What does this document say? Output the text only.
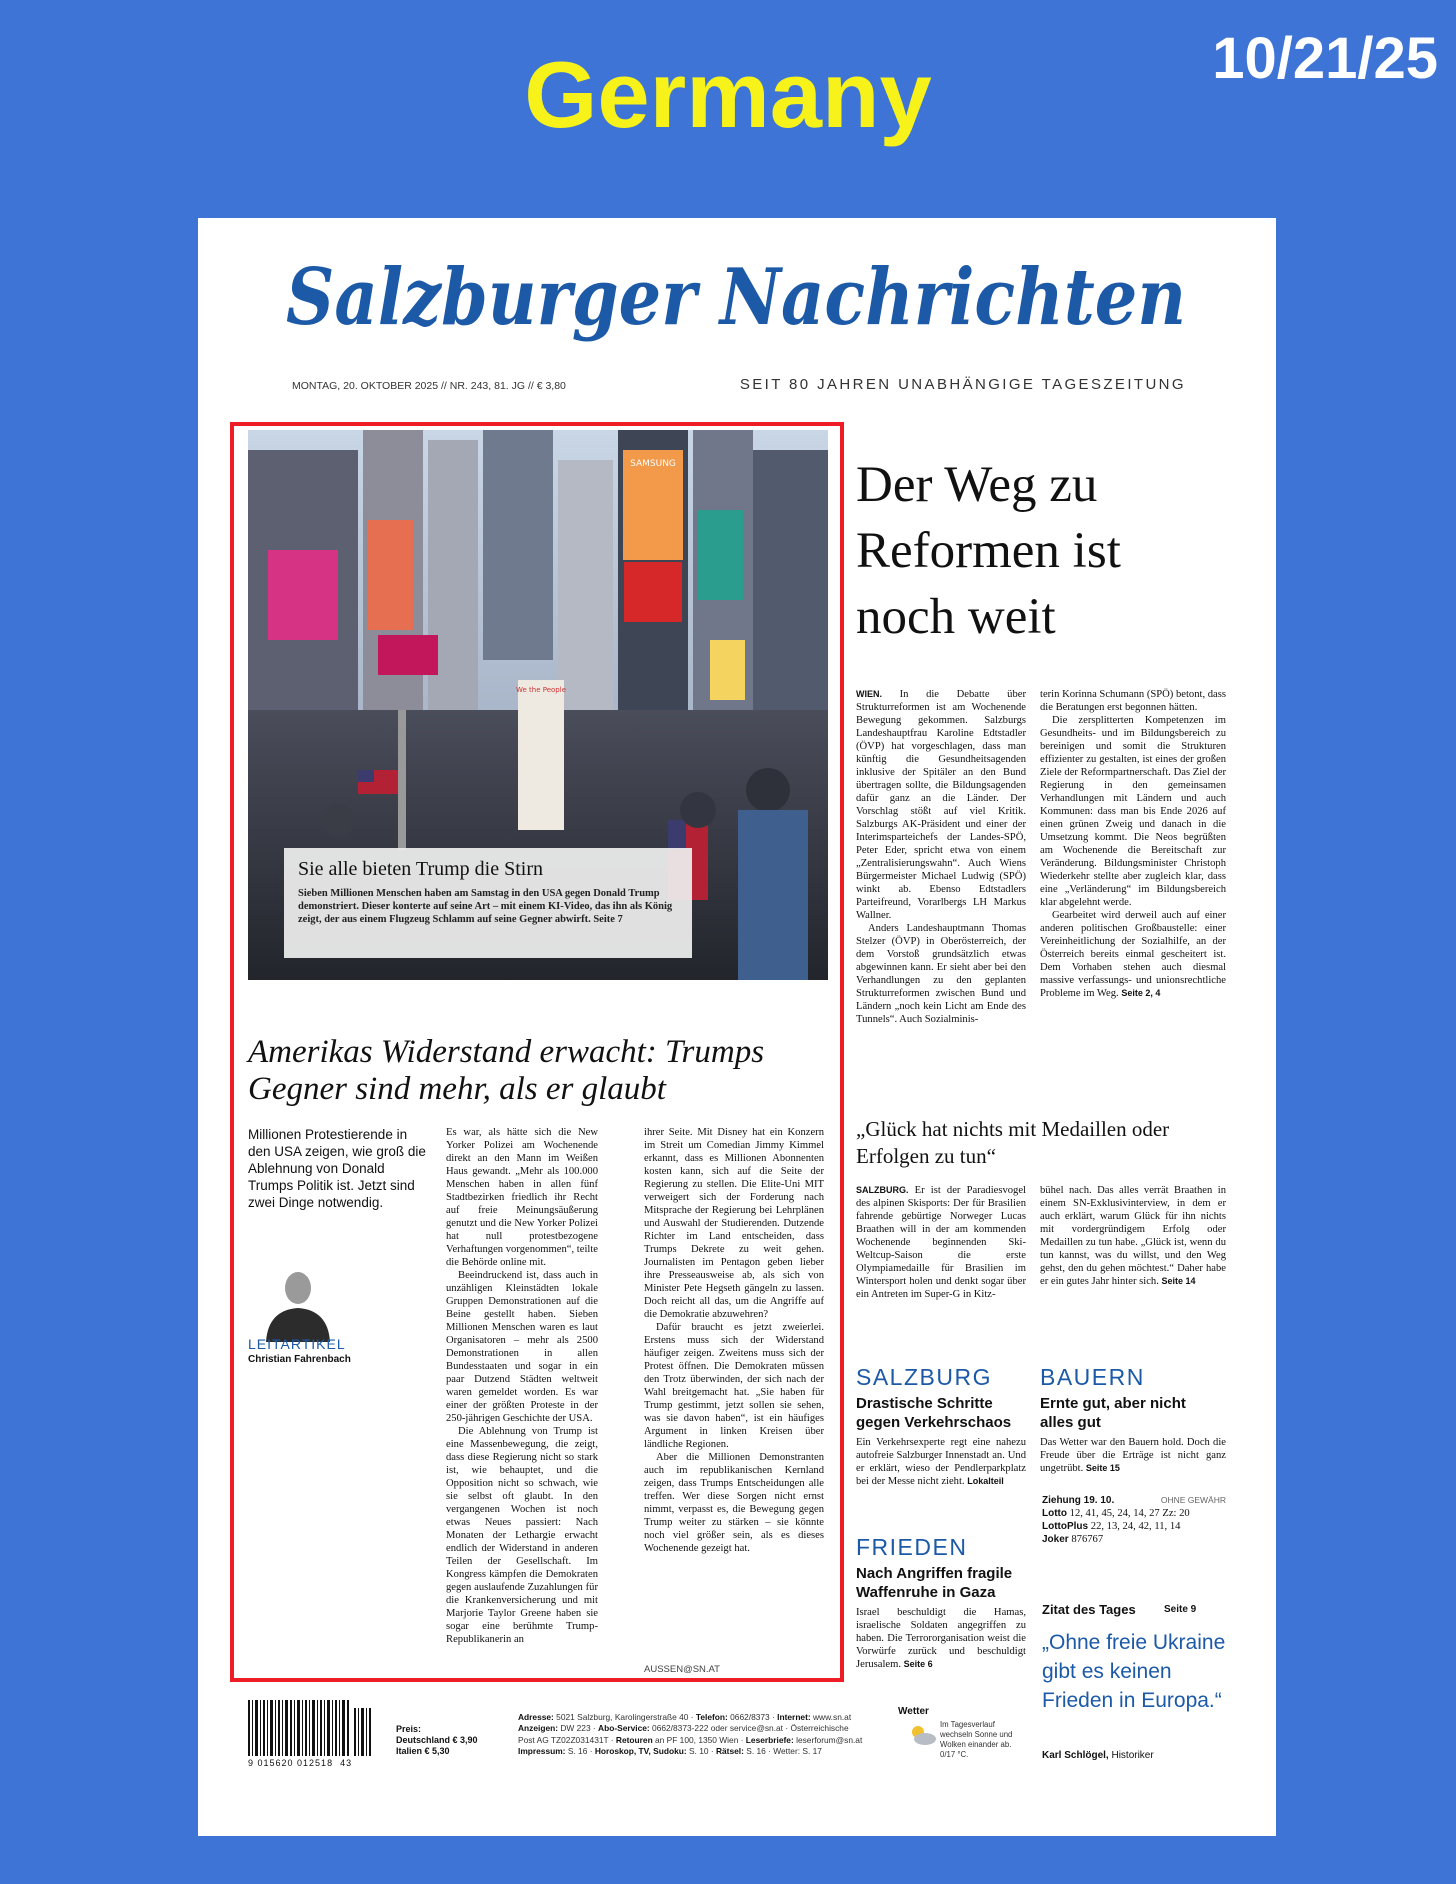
Germany	10/21/25
Salzburger Nachrichten
MONTAG, 20. OKTOBER 2025 // NR. 243, 81. JG // € 3,80	SEIT 80 JAHREN UNABHÄNGIGE TAGESZEITUNG
SAMSUNG
We the People
Sie alle bieten Trump die Stirn
Sieben Millionen Menschen haben am Samstag in den USA gegen Donald Trump demonstriert. Dieser konterte auf seine Art – mit einem KI-Video, das ihn als König zeigt, der aus einem Flugzeug Schlamm auf seine Gegner abwirft. Seite 7
Amerikas Widerstand erwacht: Trumps Gegner sind mehr, als er glaubt
Millionen Protestierende in den USA zeigen, wie groß die Ablehnung von Donald Trumps Politik ist. Jetzt sind zwei Dinge notwendig.
LEITARTIKEL
Christian Fahrenbach

Es war, als hätte sich die New Yorker Polizei am Wochenende direkt an den Mann im Weißen Haus gewandt. „Mehr als 100.000 Menschen haben in allen fünf Stadtbezirken friedlich ihr Recht auf freie Meinungsäußerung genutzt und die New Yorker Polizei hat null protestbezogene Verhaftungen vorgenommen“, teilte die Behörde online mit.

Beeindruckend ist, dass auch in unzähligen Kleinstädten lokale Gruppen Demonstrationen auf die Beine gestellt haben. Sieben Millionen Menschen waren es laut Organisatoren – mehr als 2500 Demonstrationen in allen Bundesstaaten und sogar in ein paar Dutzend Städten weltweit waren gemeldet worden. Es war einer der größten Proteste in der 250-jährigen Geschichte der USA.

Die Ablehnung von Trump ist eine Massenbewegung, die zeigt, dass diese Regierung nicht so stark ist, wie behauptet, und die Opposition nicht so schwach, wie sie selbst oft glaubt. In den vergangenen Wochen ist noch etwas Neues passiert: Nach Monaten der Lethargie erwacht endlich der Widerstand in anderen Teilen der Gesellschaft. Im Kongress kämpfen die Demokraten gegen auslaufende Zuzahlungen für die Krankenversicherung und mit Marjorie Taylor Greene haben sie sogar eine berühmte Trump-Republikanerin an

ihrer Seite. Mit Disney hat ein Konzern im Streit um Comedian Jimmy Kimmel erkannt, dass es Millionen Abonnenten kosten kann, sich auf die Seite der Regierung zu stellen. Die Elite-Uni MIT verweigert sich der Forderung nach Mitsprache der Regierung bei Lehrplänen und Auswahl der Studierenden. Dutzende Richter im Land entscheiden, dass Trumps Dekrete zu weit gehen. Journalisten im Pentagon geben lieber ihre Presseausweise ab, als sich von Minister Pete Hegseth gängeln zu lassen. Doch reicht all das, um die Angriffe auf die Demokratie abzuwehren?

Dafür braucht es jetzt zweierlei. Erstens muss sich der Widerstand häufiger zeigen. Zweitens muss sich der Protest öffnen. Die Demokraten müssen den Trotz überwinden, der sich nach der Wahl breitgemacht hat. „Sie haben für Trump gestimmt, jetzt sollen sie sehen, was sie davon haben“, ist ein häufiges Argument in linken Kreisen über ländliche Regionen.

Aber die Millionen Demonstranten auch im republikanischen Kernland zeigen, dass Trumps Entscheidungen alle treffen. Wer diese Sorgen nicht ernst nimmt, verpasst es, die Bewegung gegen Trump weiter zu stärken – sie könnte noch viel größer sein, als es dieses Wochenende gezeigt hat.

AUSSEN@SN.AT
Der Weg zu Reformen ist noch weit

WIEN. In die Debatte über Strukturreformen ist am Wochenende Bewegung gekommen. Salzburgs Landeshauptfrau Karoline Edtstadler (ÖVP) hat vorgeschlagen, dass man künftig die Gesundheitsagenden inklusive der Spitäler an den Bund übertragen sollte, die Bildungsagenden dafür ganz an die Länder. Der Vorschlag stößt auf viel Kritik. Salzburgs AK-Präsident und einer der Interimsparteichefs der Landes-SPÖ, Peter Eder, spricht etwa von einem „Zentralisierungswahn“. Auch Wiens Bürgermeister Michael Ludwig (SPÖ) winkt ab. Ebenso Edtstadlers Parteifreund, Vorarlbergs LH Markus Wallner.

Anders Landeshauptmann Thomas Stelzer (ÖVP) in Oberösterreich, der dem Vorstoß grundsätzlich etwas abgewinnen kann. Er sieht aber bei den Verhandlungen zu den geplanten Strukturreformen zwischen Bund und Ländern „noch kein Licht am Ende des Tunnels“. Auch Sozialminis-

terin Korinna Schumann (SPÖ) betont, dass die Beratungen erst begonnen hätten.

Die zersplitterten Kompetenzen im Gesundheits- und im Bildungsbereich zu bereinigen und somit die Strukturen effizienter zu gestalten, ist eines der großen Ziele der Reformpartnerschaft. Das Ziel der Regierung in den gemeinsamen Verhandlungen mit Ländern und auch Kommunen: dass man bis Ende 2026 auf einen grünen Zweig und danach in die Umsetzung kommt. Die Neos begrüßten am Wochenende die Bereitschaft zur Veränderung. Bildungsminister Christoph Wiederkehr stellte aber zugleich klar, dass eine „Verländerung“ im Bildungsbereich klar abgelehnt werde.

Gearbeitet wird derweil auch auf einer anderen politischen Großbaustelle: einer Vereinheitlichung der Sozialhilfe, an der Österreich bereits einmal gescheitert ist. Dem Vorhaben stehen auch diesmal massive verfassungs- und unionsrechtliche Probleme im Weg. Seite 2, 4

„Glück hat nichts mit Medaillen oder Erfolgen zu tun“

SALZBURG. Er ist der Paradiesvogel des alpinen Skisports: Der für Brasilien fahrende gebürtige Norweger Lucas Braathen will in der am kommenden Wochenende beginnenden Ski-Weltcup-Saison die erste Olympiamedaille für Brasilien im Wintersport holen und denkt sogar über ein Antreten im Super-G in Kitz-

bühel nach. Das alles verrät Braathen in einem SN-Exklusivinterview, in dem er auch erklärt, warum Glück für ihn nichts mit vordergründigem Erfolg oder Medaillen zu tun habe. „Glück ist, wenn du tun kannst, was du willst, und den Weg gehst, den du gehen möchtest.“ Daher habe er ein gutes Jahr hinter sich. Seite 14

SALZBURG
Drastische Schritte gegen Verkehrschaos
Ein Verkehrsexperte regt eine nahezu autofreie Salzburger Innenstadt an. Und er erklärt, wieso der Pendlerparkplatz bei der Messe nicht zieht. Lokalteil
BAUERN
Ernte gut, aber nicht alles gut
Das Wetter war den Bauern hold. Doch die Freude über die Erträge ist nicht ganz ungetrübt. Seite 15
FRIEDEN
Nach Angriffen fragile Waffenruhe in Gaza
Israel beschuldigt die Hamas, israelische Soldaten angegriffen zu haben. Die Terrororganisation weist die Vorwürfe zurück und beschuldigt Jerusalem. Seite 6
Ziehung 19. 10.	OHNE GEWÄHR
Lotto 12, 41, 45, 24, 14, 27 Zz: 20
LottoPlus 22, 13, 24, 42, 11, 14
Joker 876767
Zitat des Tages	Seite 9
„Ohne freie Ukraine gibt es keinen Frieden in Europa.“
Karl Schlögel, Historiker
9 015620 012518 43
Preis:
Deutschland € 3,90
Italien € 5,30
Adresse: 5021 Salzburg, Karolingerstraße 40 · Telefon: 0662/8373 · Internet: www.sn.at
Anzeigen: DW 223 · Abo-Service: 0662/8373-222 oder service@sn.at · Österreichische
Post AG TZ02Z031431T · Retouren an PF 100, 1350 Wien · Leserbriefe: leserforum@sn.at
Impressum: S. 16 · Horoskop, TV, Sudoku: S. 10 · Rätsel: S. 16 · Wetter: S. 17
Wetter
Im Tagesverlauf wechseln Sonne und Wolken einander ab. 0/17 °C.
